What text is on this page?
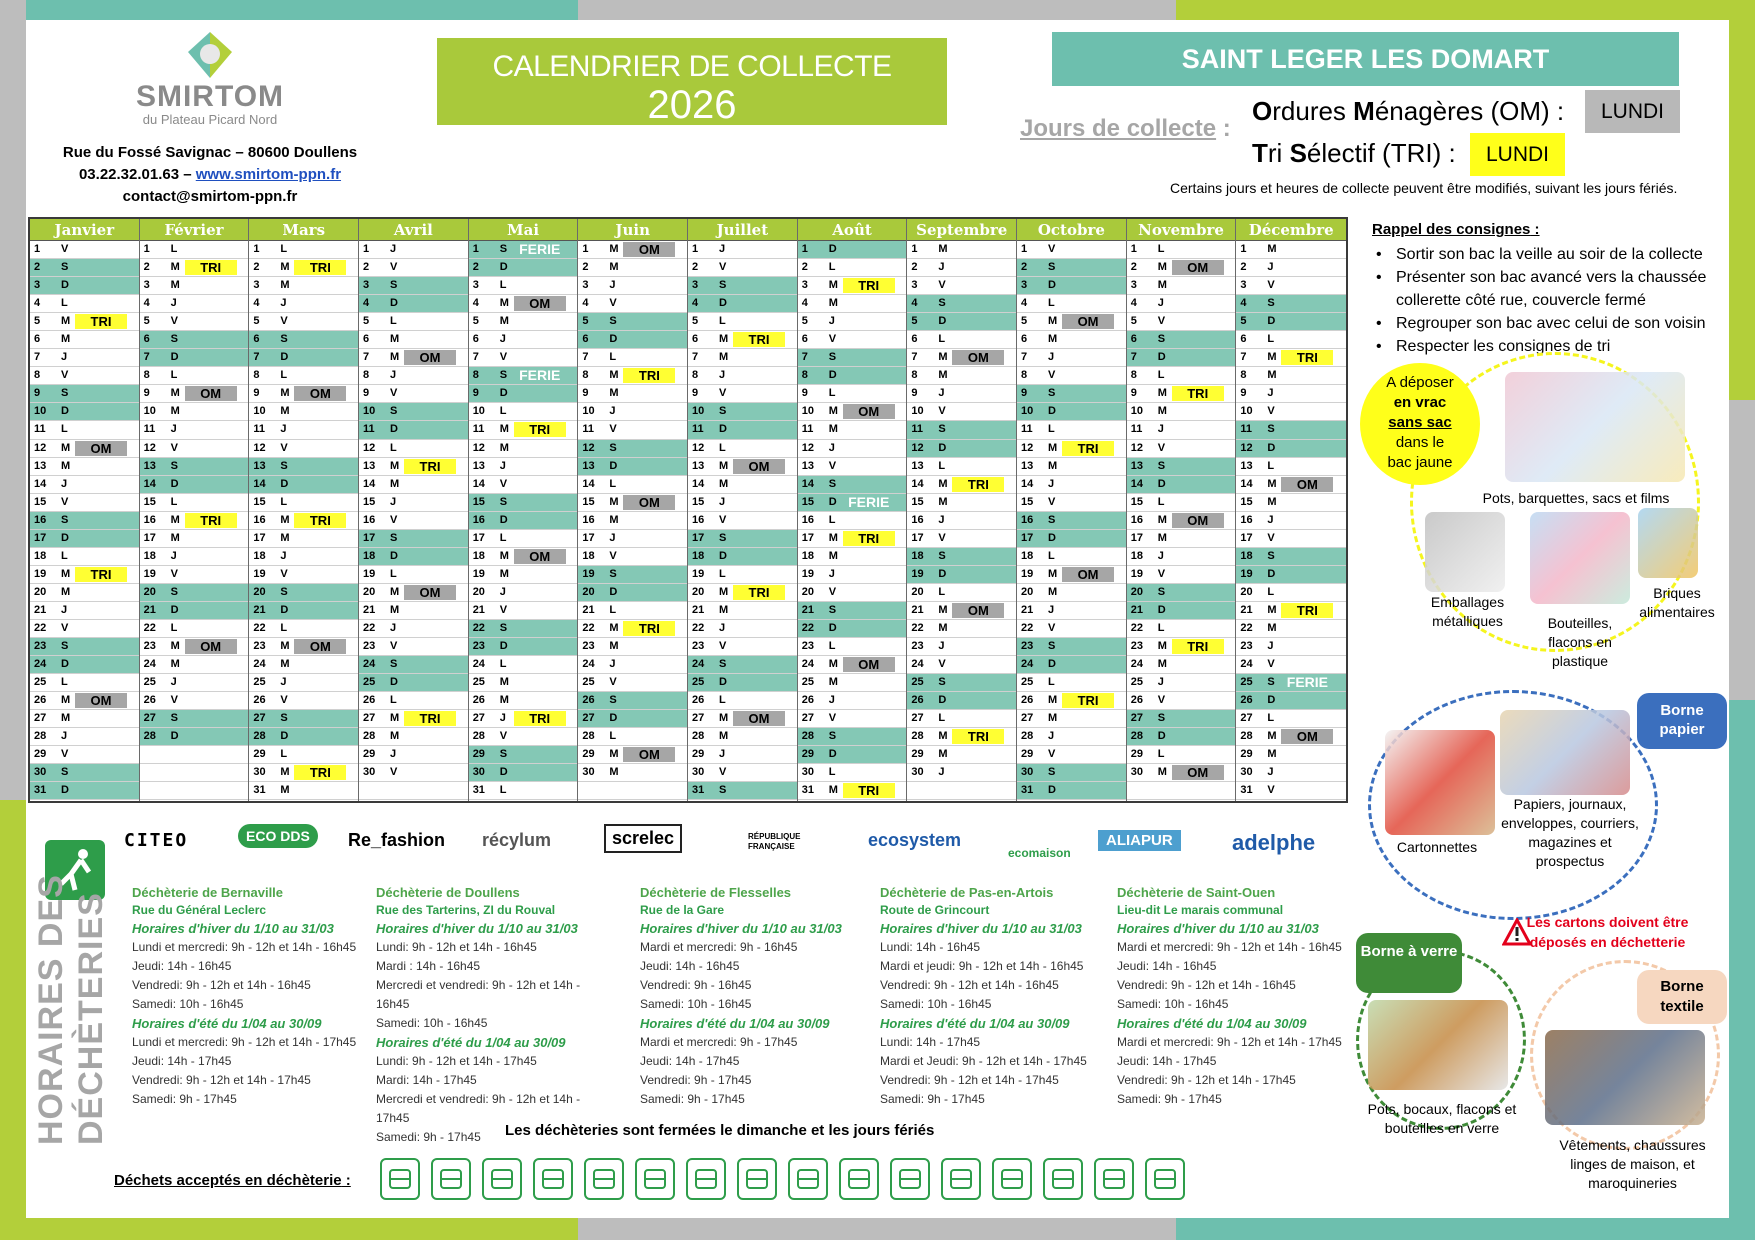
SMIRTOM
du Plateau Picard Nord
Rue du Fossé Savignac – 80600 Doullens
03.22.32.01.63 – www.smirtom-ppn.fr
contact@smirtom-ppn.fr
CALENDRIER DE COLLECTE
2026
SAINT LEGER LES DOMART
Jours de collecte :
Ordures Ménagères (OM) :	LUNDI
Tri Sélectif (TRI) :	LUNDI
Certains jours et heures de collecte peuvent être modifiés, suivant les jours fériés.
Janvier
1	V FERIE
2	S
3	D
4	L	sem 02
5	M	TRI
6	M
7	J
8	V
9	S
10	D
11	L	sem 03
12	M	OM
13	M
14	J
15	V
16	S
17	D
18	L	sem 04
19	M	TRI
20	M
21	J
22	V
23	S
24	D
25	L	sem 05
26	M	OM
27	M
28	J
29	V
30	S
31	D
Février
1	L	sem 06
2	M	TRI
3	M
4	J
5	V
6	S
7	D
8	L	sem 07
9	M	OM
10	M
11	J
12	V
13	S
14	D
15	L	sem 08
16	M	TRI
17	M
18	J
19	V
20	S
21	D
22	L	sem 09
23	M	OM
24	M
25	J
26	V
27	S
28	D
Mars
1	L	sem 10
2	M	TRI
3	M
4	J
5	V
6	S
7	D
8	L	sem 11
9	M	OM
10	M
11	J
12	V
13	S
14	D
15	L	sem 12
16	M	TRI
17	M
18	J
19	V
20	S
21	D
22	L	sem 13
23	M	OM
24	M
25	J
26	V
27	S
28	D
29	L	sem 14
30	M	TRI
31	M
Avril
1	J
2	V
3	S
4	D
5	L	sem 15
6	M FERIE
7	M	OM
8	J
9	V
10	S
11	D
12	L	sem 16
13	M	TRI
14	M
15	J
16	V
17	S
18	D
19	L	sem 17
20	M	OM
21	M
22	J
23	V
24	S
25	D
26	L	sem 18
27	M	TRI
28	M
29	J
30	V
Mai
1	S FERIE
2	D
3	L	sem 19
4	M	OM
5	M
6	J
7	V
8	S FERIE
9	D
10	L	sem 20
11	M	TRI
12	M
13	J
14	V FERIE
15	S
16	D
17	L	sem 21
18	M	OM
19	M
20	J
21	V
22	S
23	D
24	L	sem 22
25	M FERIE
26	M
27	J	TRI
28	V
29	S
30	D
31	L	sem 23
Juin
1	M	OM
2	M
3	J
4	V
5	S
6	D
7	L	sem 24
8	M	TRI
9	M
10	J
11	V
12	S
13	D
14	L	sem 25
15	M	OM
16	M
17	J
18	V
19	S
20	D
21	L	sem 26
22	M	TRI
23	M
24	J
25	V
26	S
27	D
28	L	sem 27
29	M	OM
30	M
Juillet
1	J
2	V
3	S
4	D
5	L	sem 28
6	M	TRI
7	M
8	J
9	V
10	S
11	D
12	L	sem 29
13	M	OM
14	M FERIE
15	J
16	V
17	S
18	D
19	L	sem 30
20	M	TRI
21	M
22	J
23	V
24	S
25	D
26	L	sem 31
27	M	OM
28	M
29	J
30	V
31	S
Août
1	D
2	L	sem 32
3	M	TRI
4	M
5	J
6	V
7	S
8	D
9	L	sem 33
10	M	OM
11	M
12	J
13	V
14	S
15	D FERIE
16	L	sem 34
17	M	TRI
18	M
19	J
20	V
21	S
22	D
23	L	sem 35
24	M	OM
25	M
26	J
27	V
28	S
29	D
30	L	sem 36
31	M	TRI
Septembre
1	M
2	J
3	V
4	S
5	D
6	L	sem 37
7	M	OM
8	M
9	J
10	V
11	S
12	D
13	L	sem 38
14	M	TRI
15	M
16	J
17	V
18	S
19	D
20	L	sem 39
21	M	OM
22	M
23	J
24	V
25	S
26	D
27	L	sem 40
28	M	TRI
29	M
30	J
Octobre
1	V
2	S
3	D
4	L	sem 41
5	M	OM
6	M
7	J
8	V
9	S
10	D
11	L	sem 42
12	M	TRI
13	M
14	J
15	V
16	S
17	D
18	L	sem 43
19	M	OM
20	M
21	J
22	V
23	S
24	D
25	L	sem 44
26	M	TRI
27	M
28	J
29	V
30	S
31	D
Novembre
1	L FERIE
2	M	OM
3	M
4	J
5	V
6	S
7	D
8	L	sem 46
9	M	TRI
10	M
11	J FERIE
12	V
13	S
14	D
15	L	sem 47
16	M	OM
17	M
18	J
19	V
20	S
21	D
22	L	sem 48
23	M	TRI
24	M
25	J
26	V
27	S
28	D
29	L	sem 49
30	M	OM
Décembre
1	M
2	J
3	V
4	S
5	D
6	L	sem 50
7	M	TRI
8	M
9	J
10	V
11	S
12	D
13	L	sem 51
14	M	OM
15	M
16	J
17	V
18	S
19	D
20	L	sem 52
21	M	TRI
22	M
23	J
24	V
25	S FERIE
26	D
27	L	sem 53
28	M	OM
29	M
30	J
31	V
Rappel des consignes :
• Sortir son bac la veille au soir de la collecte
• Présenter son bac avancé vers la chaussée collerette côté rue, couvercle fermé
• Regrouper son bac avec celui de son voisin
• Respecter les consignes de tri
A déposer
en vrac
sans sac
dans le
bac jaune
Pots, barquettes, sacs et films
Emballages métalliques	Bouteilles, flacons en plastique
Briques alimentaires
Borne papier
Cartonnettes
Papiers, journaux, enveloppes, courriers, magazines et prospectus
Les cartons doivent être déposés en déchetterie
Borne à verre
Pots, bocaux, flacons et bouteilles en verre
Borne textile
Vêtements, chaussures linges de maison, et maroquineries
CITEO	ECO DDS	Re_fashion récylum	screlec	RÉPUBLIQUE FRANÇAISE	ecosystem
ecomaison
ALIAPUR	adelphe
HORAIRES DES DÉCHÈTERIES Déchèterie de Bernaville
Rue du Général Leclerc
Horaires d'hiver du 1/10 au 31/03
Lundi et mercredi: 9h - 12h et 14h - 16h45
Jeudi: 14h - 16h45
Vendredi: 9h - 12h et 14h - 16h45
Samedi: 10h - 16h45
Horaires d'été du 1/04 au 30/09
Lundi et mercredi: 9h - 12h et 14h - 17h45
Jeudi: 14h - 17h45
Vendredi: 9h - 12h et 14h - 17h45
Samedi: 9h - 17h45
Déchèterie de Doullens
Rue des Tarterins, ZI du Rouval
Horaires d'hiver du 1/10 au 31/03
Lundi: 9h - 12h et 14h - 16h45
Mardi : 14h - 16h45
Mercredi et vendredi: 9h - 12h et 14h - 16h45
Samedi: 10h - 16h45
Horaires d'été du 1/04 au 30/09
Lundi: 9h - 12h et 14h - 17h45
Mardi: 14h - 17h45
Mercredi et vendredi: 9h - 12h et 14h - 17h45
Samedi: 9h - 17h45
Déchèterie de Flesselles
Rue de la Gare
Horaires d'hiver du 1/10 au 31/03
Mardi et mercredi: 9h - 16h45
Jeudi: 14h - 16h45
Vendredi: 9h - 16h45
Samedi: 10h - 16h45
Horaires d'été du 1/04 au 30/09
Mardi et mercredi: 9h - 17h45
Jeudi: 14h - 17h45
Vendredi: 9h - 17h45
Samedi: 9h - 17h45
Déchèterie de Pas-en-Artois
Route de Grincourt
Horaires d'hiver du 1/10 au 31/03
Lundi: 14h - 16h45
Mardi et jeudi: 9h - 12h et 14h - 16h45
Vendredi: 9h - 12h et 14h - 16h45
Samedi: 10h - 16h45
Horaires d'été du 1/04 au 30/09
Lundi: 14h - 17h45
Mardi et Jeudi: 9h - 12h et 14h - 17h45
Vendredi: 9h - 12h et 14h - 17h45
Samedi: 9h - 17h45
Déchèterie de Saint-Ouen
Lieu-dit Le marais communal
Horaires d'hiver du 1/10 au 31/03
Mardi et mercredi: 9h - 12h et 14h - 16h45
Jeudi: 14h - 16h45
Vendredi: 9h - 12h et 14h - 16h45
Samedi: 10h - 16h45
Horaires d'été du 1/04 au 30/09
Mardi et mercredi: 9h - 12h et 14h - 17h45
Jeudi: 14h - 17h45
Vendredi: 9h - 12h et 14h - 17h45
Samedi: 9h - 17h45
Les déchèteries sont fermées le dimanche et les jours fériés
Déchets acceptés en déchèterie :
